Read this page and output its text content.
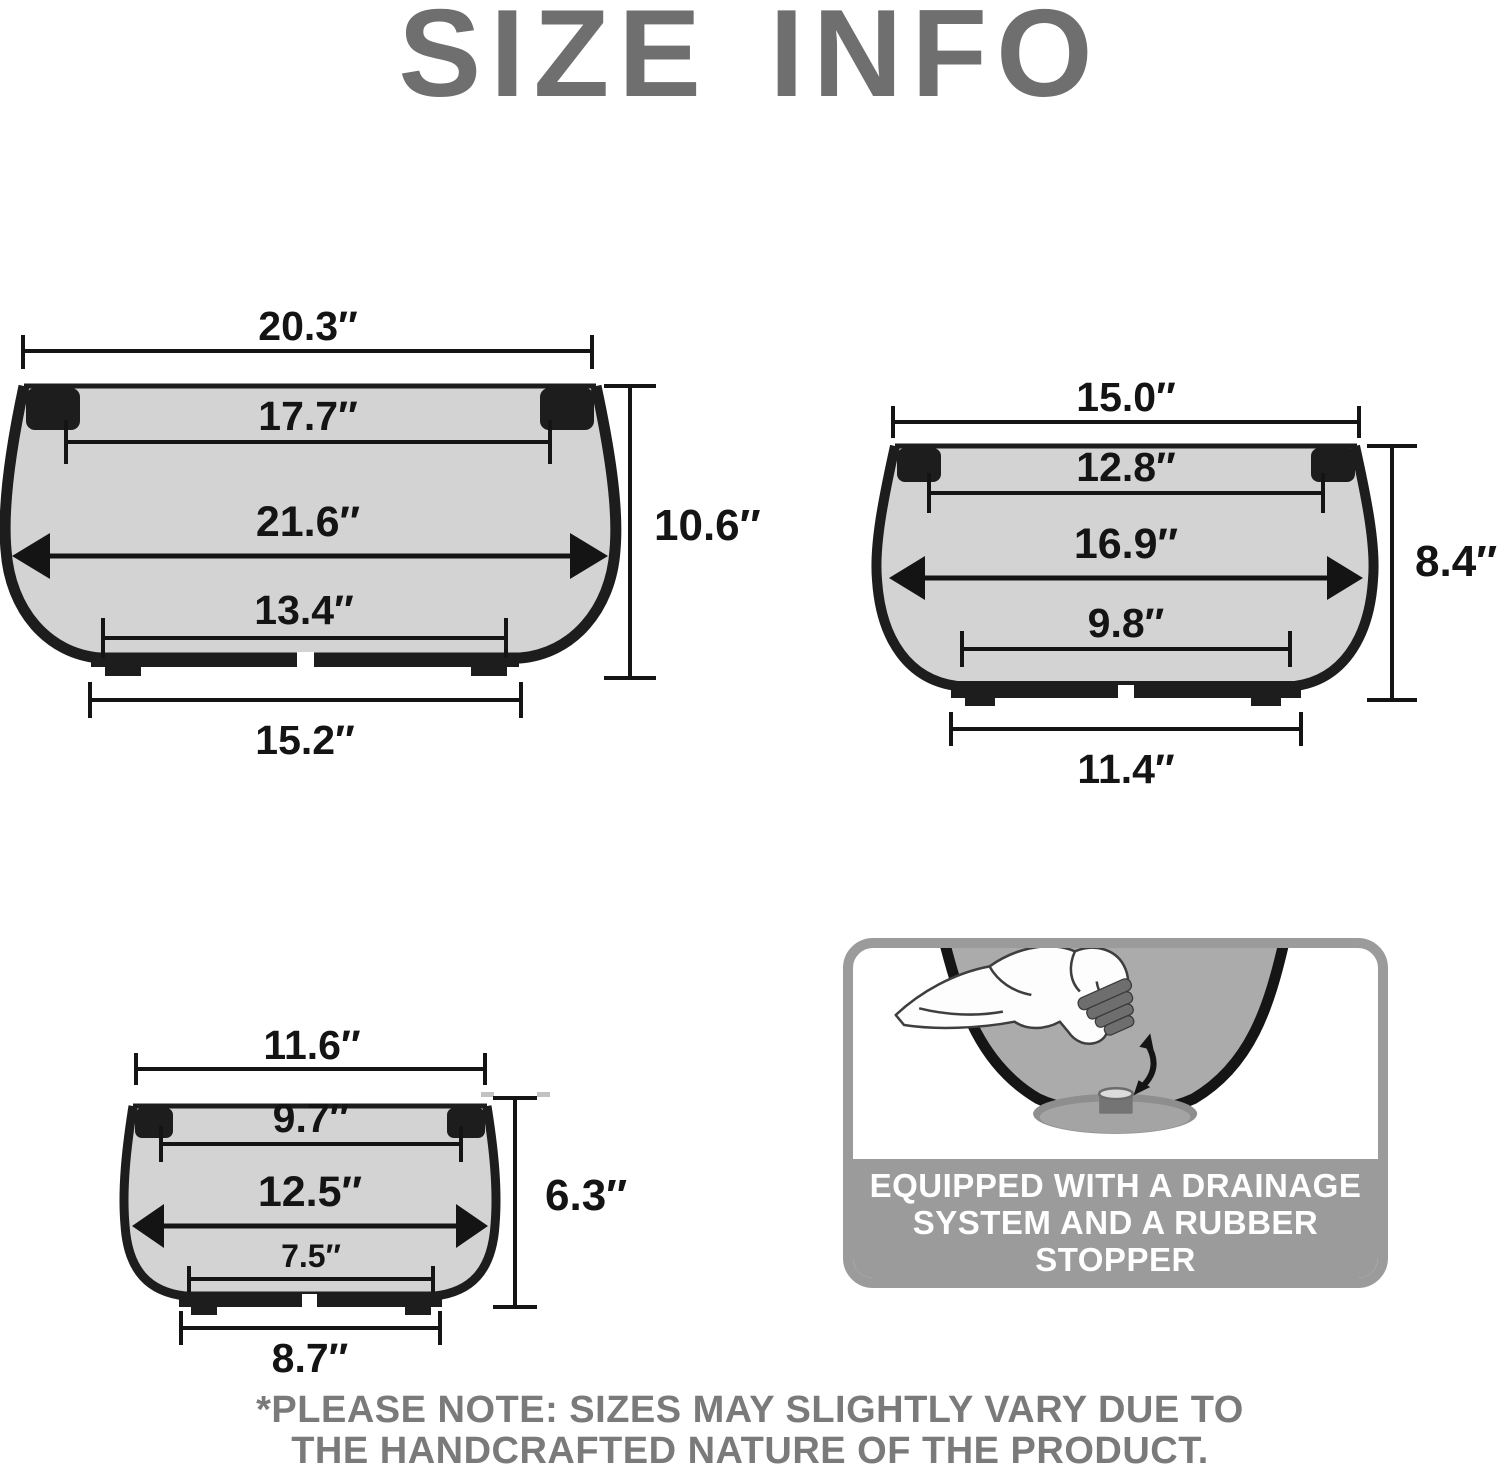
SIZE INFO
20.3″
17.7″
21.6″
13.4″
15.2″
10.6″
15.0″
12.8″
16.9″
9.8″
11.4″
8.4″
11.6″
9.7″
12.5″
7.5″
8.7″
6.3″	EQUIPPED WITH A DRAINAGE
SYSTEM AND A RUBBER STOPPER
*PLEASE NOTE: SIZES MAY SLIGHTLY VARY DUE TO
THE HANDCRAFTED NATURE OF THE PRODUCT.
